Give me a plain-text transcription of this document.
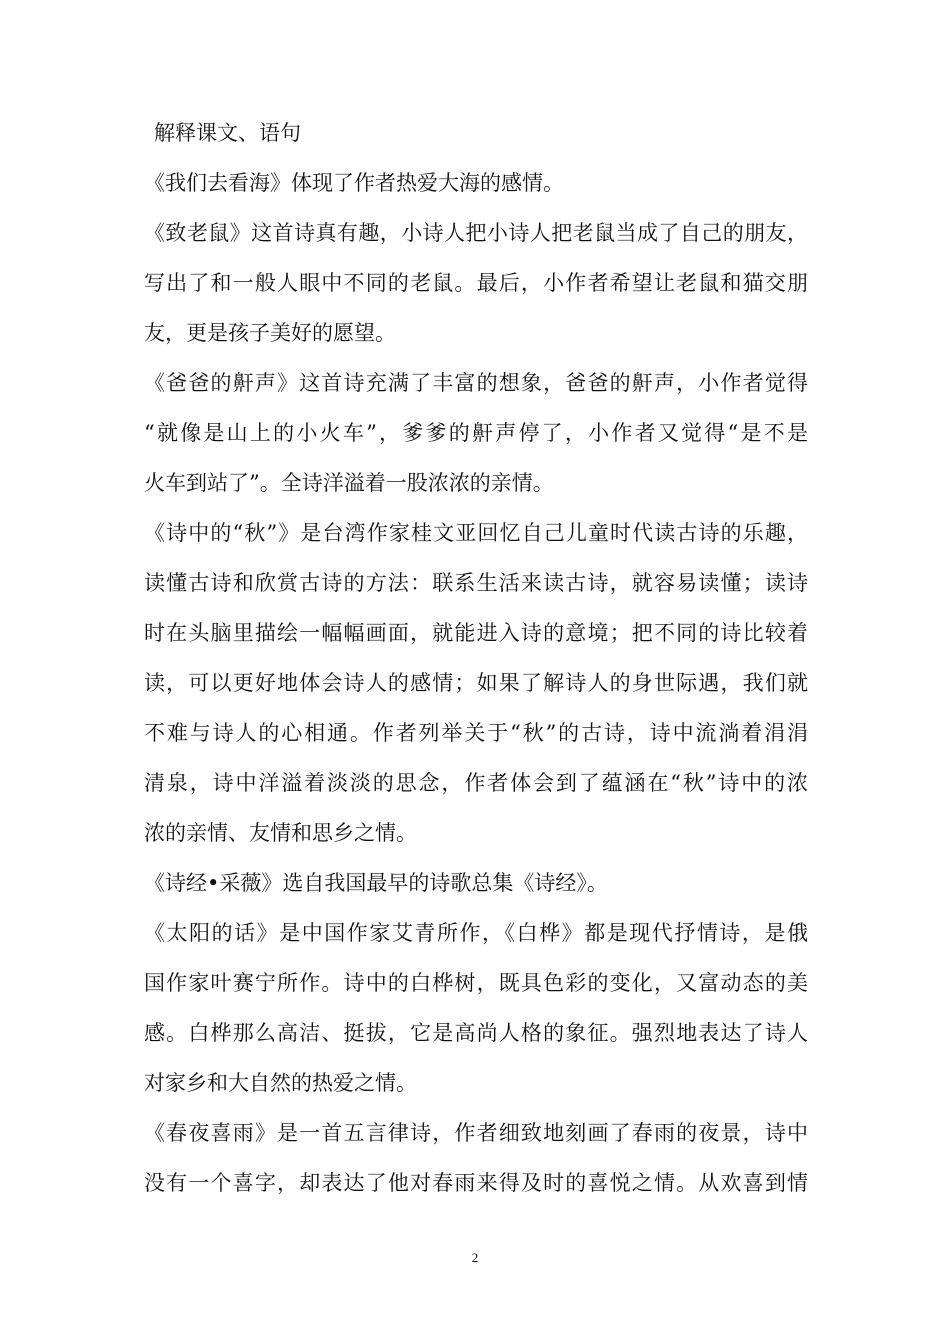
解释课文、语句

《我们去看海》体现了作者热爱大海的感情。

《致老鼠》这首诗真有趣，小诗人把小诗人把老鼠当成了自己的朋友，

写出了和一般人眼中不同的老鼠。最后，小作者希望让老鼠和猫交朋

友，更是孩子美好的愿望。

《爸爸的鼾声》这首诗充满了丰富的想象，爸爸的鼾声，小作者觉得

“就像是山上的小火车”，爹爹的鼾声停了，小作者又觉得“是不是

火车到站了”。全诗洋溢着一股浓浓的亲情。

《诗中的“秋”》是台湾作家桂文亚回忆自己儿童时代读古诗的乐趣，

读懂古诗和欣赏古诗的方法：联系生活来读古诗，就容易读懂；读诗

时在头脑里描绘一幅幅画面，就能进入诗的意境；把不同的诗比较着

读，可以更好地体会诗人的感情；如果了解诗人的身世际遇，我们就

不难与诗人的心相通。作者列举关于“秋”的古诗，诗中流淌着涓涓

清泉，诗中洋溢着淡淡的思念，作者体会到了蕴涵在“秋”诗中的浓

浓的亲情、友情和思乡之情。

《诗经•采薇》选自我国最早的诗歌总集《诗经》。

《太阳的话》是中国作家艾青所作，《白桦》都是现代抒情诗，是俄

国作家叶赛宁所作。诗中的白桦树，既具色彩的变化，又富动态的美

感。白桦那么高洁、挺拔，它是高尚人格的象征。强烈地表达了诗人

对家乡和大自然的热爱之情。

《春夜喜雨》是一首五言律诗，作者细致地刻画了春雨的夜景，诗中

没有一个喜字，却表达了他对春雨来得及时的喜悦之情。从欢喜到情

2
